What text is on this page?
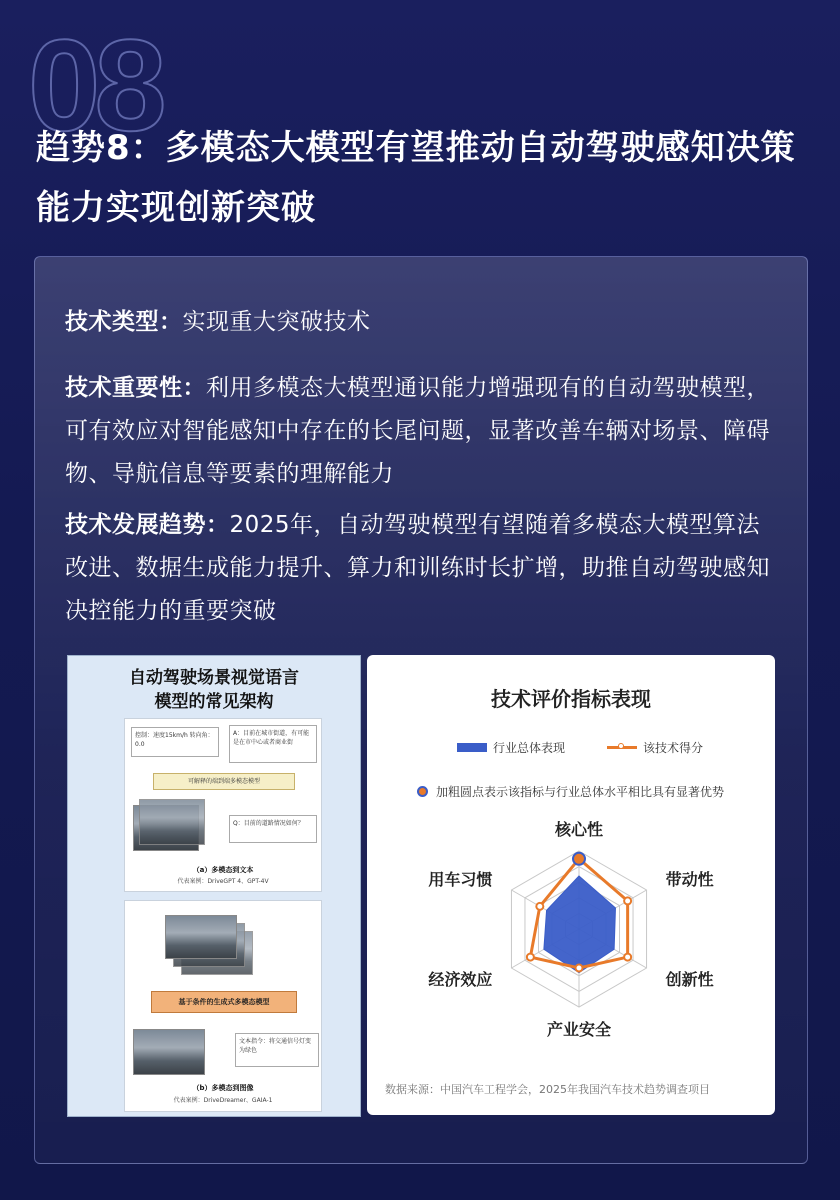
08
趋势8：多模态大模型有望推动自动驾驶感知决策能力实现创新突破
技术类型：实现重大突破技术
技术重要性：利用多模态大模型通识能力增强现有的自动驾驶模型，可有效应对智能感知中存在的长尾问题，显著改善车辆对场景、障碍物、导航信息等要素的理解能力
技术发展趋势：2025年，自动驾驶模型有望随着多模态大模型算法改进、数据生成能力提升、算力和训练时长扩增，助推自动驾驶感知决控能力的重要突破
自动驾驶场景视觉语言
模型的常见架构
控制：速度15km/h 转向角：0.0
A：目前在城市街道，有可能是在市中心或者商业街
可解释的端到端多模态模型
Q：目前的道路情况如何？
（a）多模态到文本
代表案例：DriveGPT 4、GPT-4V
基于条件的生成式多模态模型
文本指令：将交通信号灯变为绿色
（b）多模态到图像
代表案例：DriveDreamer、GAIA-1
技术评价指标表现
行业总体表现	该技术得分
加粗圆点表示该指标与行业总体水平相比具有显著优势
核心性
带动性
创新性
产业安全
经济效应
用车习惯
数据来源：中国汽车工程学会，2025年我国汽车技术趋势调查项目
